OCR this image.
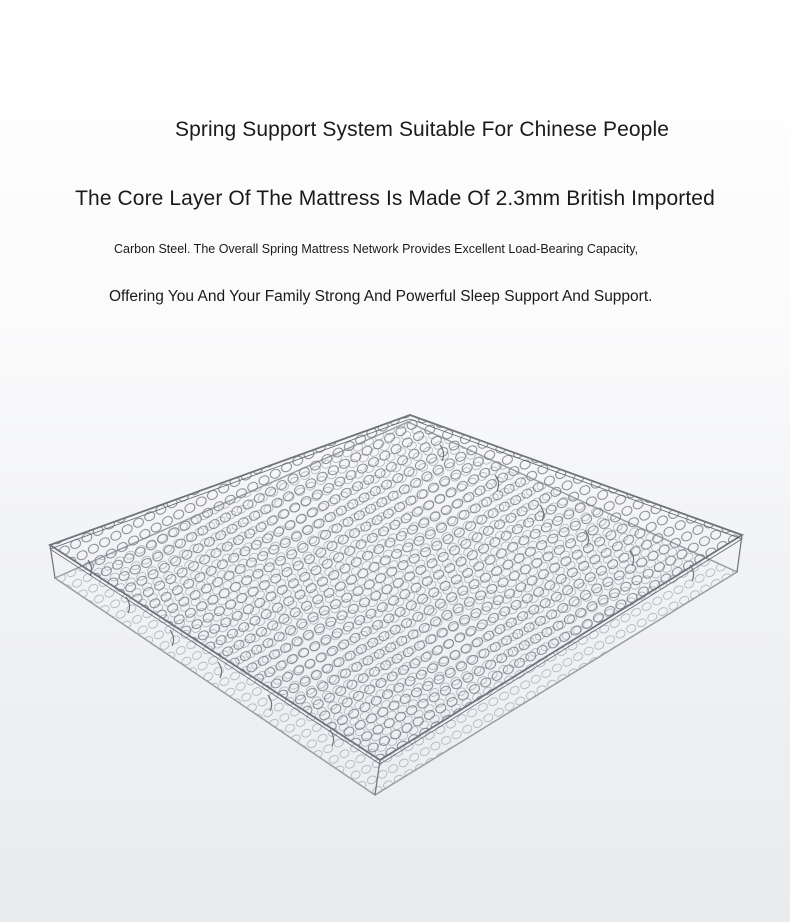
Spring Support System Suitable For Chinese People
The Core Layer Of The Mattress Is Made Of 2.3mm British Imported
Carbon Steel. The Overall Spring Mattress Network Provides Excellent Load-Bearing Capacity,
Offering You And Your Family Strong And Powerful Sleep Support And Support.
